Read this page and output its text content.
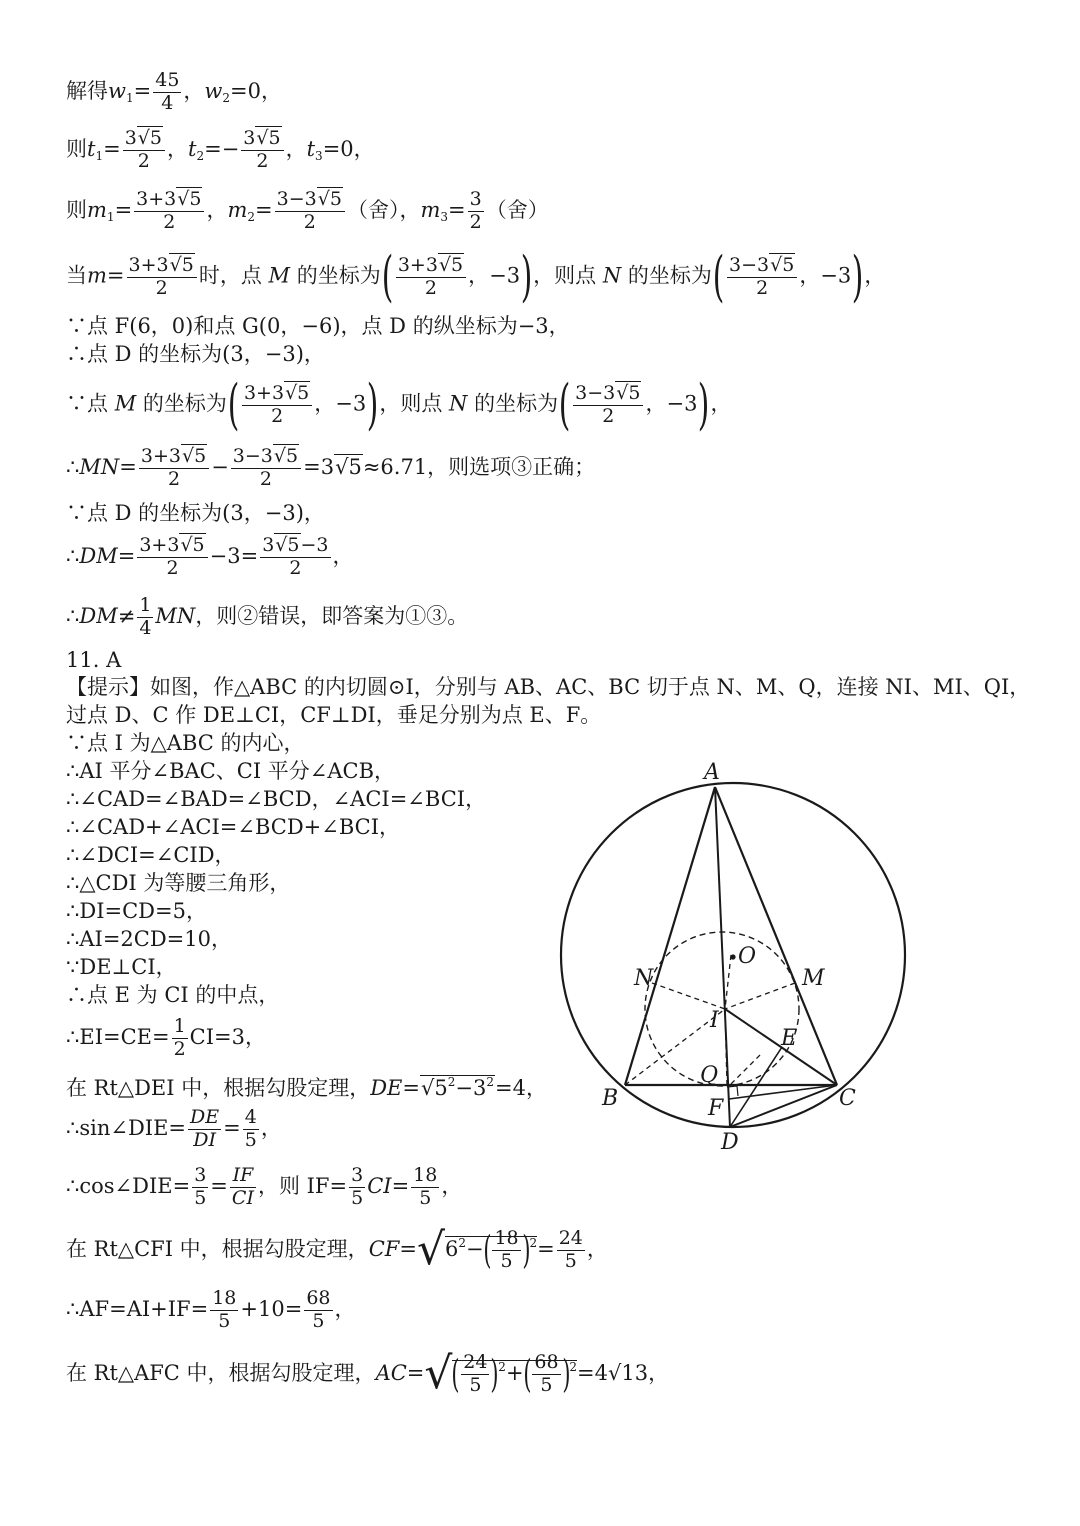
解得$w_1= \frac{45}{4}$ ，$w_2=0$，
则$t_1= \frac{3√5}{2}$ ，$t_2=- \frac{3√5}{2}$ ，$t_3=0$，
则$m_1= \frac{3+3√5}{2}$ ，$m_2= \frac{3-3√5}{2}$ （舍），$m_3= \frac{3}{2}$ （舍）
当$m= \frac{3+3√5}{2}$ 时，点 M 的坐标为( $\frac{3+3√5}{2}$ ，−3)，则点 N 的坐标为( $\frac{3-3√5}{2}$ ，−3)，
∵点 F(6，0)和点 G(0，−6)，点 D 的纵坐标为−3，
∴点 D 的坐标为(3，−3)，
∵点 M 的坐标为( $\frac{3+3√5}{2}$ ，−3)，则点 N 的坐标为( $\frac{3-3√5}{2}$ ，−3)，
∴MN= $\frac{3+3√5}{2} - \frac{3-3√5}{2} =3√5\approx 6.71$，则选项③正确；
∵点 D 的坐标为(3，−3)，
∴DM= $\frac{3+3√5}{2} -3= \frac{3√5-3}{2}$ ，
∴DM≠ $\frac{1}{4}$ MN，则②错误，即答案为①③。
11. A
【提示】如图，作△ABC 的内切圆⊙I，分别与 AB、AC、BC 切于点 N、M、Q，连接 NI、MI、QI，
过点 D、C 作 DE⊥CI，CF⊥DI，垂足分别为点 E、F。
∵点 I 为△ABC 的内心，
∴AI 平分∠BAC、CI 平分∠ACB，
∴∠CAD=∠BAD=∠BCD，∠ACI=∠BCI，
∴∠CAD+∠ACI=∠BCD+∠BCI，
∴∠DCI=∠CID，
∴△CDI 为等腰三角形，
∴DI=CD=5，
∴AI=2CD=10，
∵DE⊥CI，
∴点 E 为 CI 的中点，
∴EI=CE= $\frac{1}{2} CI=3$，
在 Rt△DEI 中，根据勾股定理，$DE=√5^2-3^2=4$，
∴sin∠DIE= $\frac{DE}{DI} = \frac{4}{5}$ ，
∴cos∠DIE= $\frac{3}{5} = \frac{IF}{CI}$ ，则 $IF= \frac{3}{5} CI= \frac{18}{5}$ ，
在 Rt△CFI 中，根据勾股定理，$CF=√6^2-( \frac{18}{5} )^2= \frac{24}{5}$ ，
∴AF=AI+IF= $\frac{18}{5} +10= \frac{68}{5}$ ，
在 Rt△AFC 中，根据勾股定理，$AC=√( \frac{24}{5} )^2+( \frac{68}{5} )^2=4√13$，
A
B	C
D
E
F
I
M
N
O
Q
